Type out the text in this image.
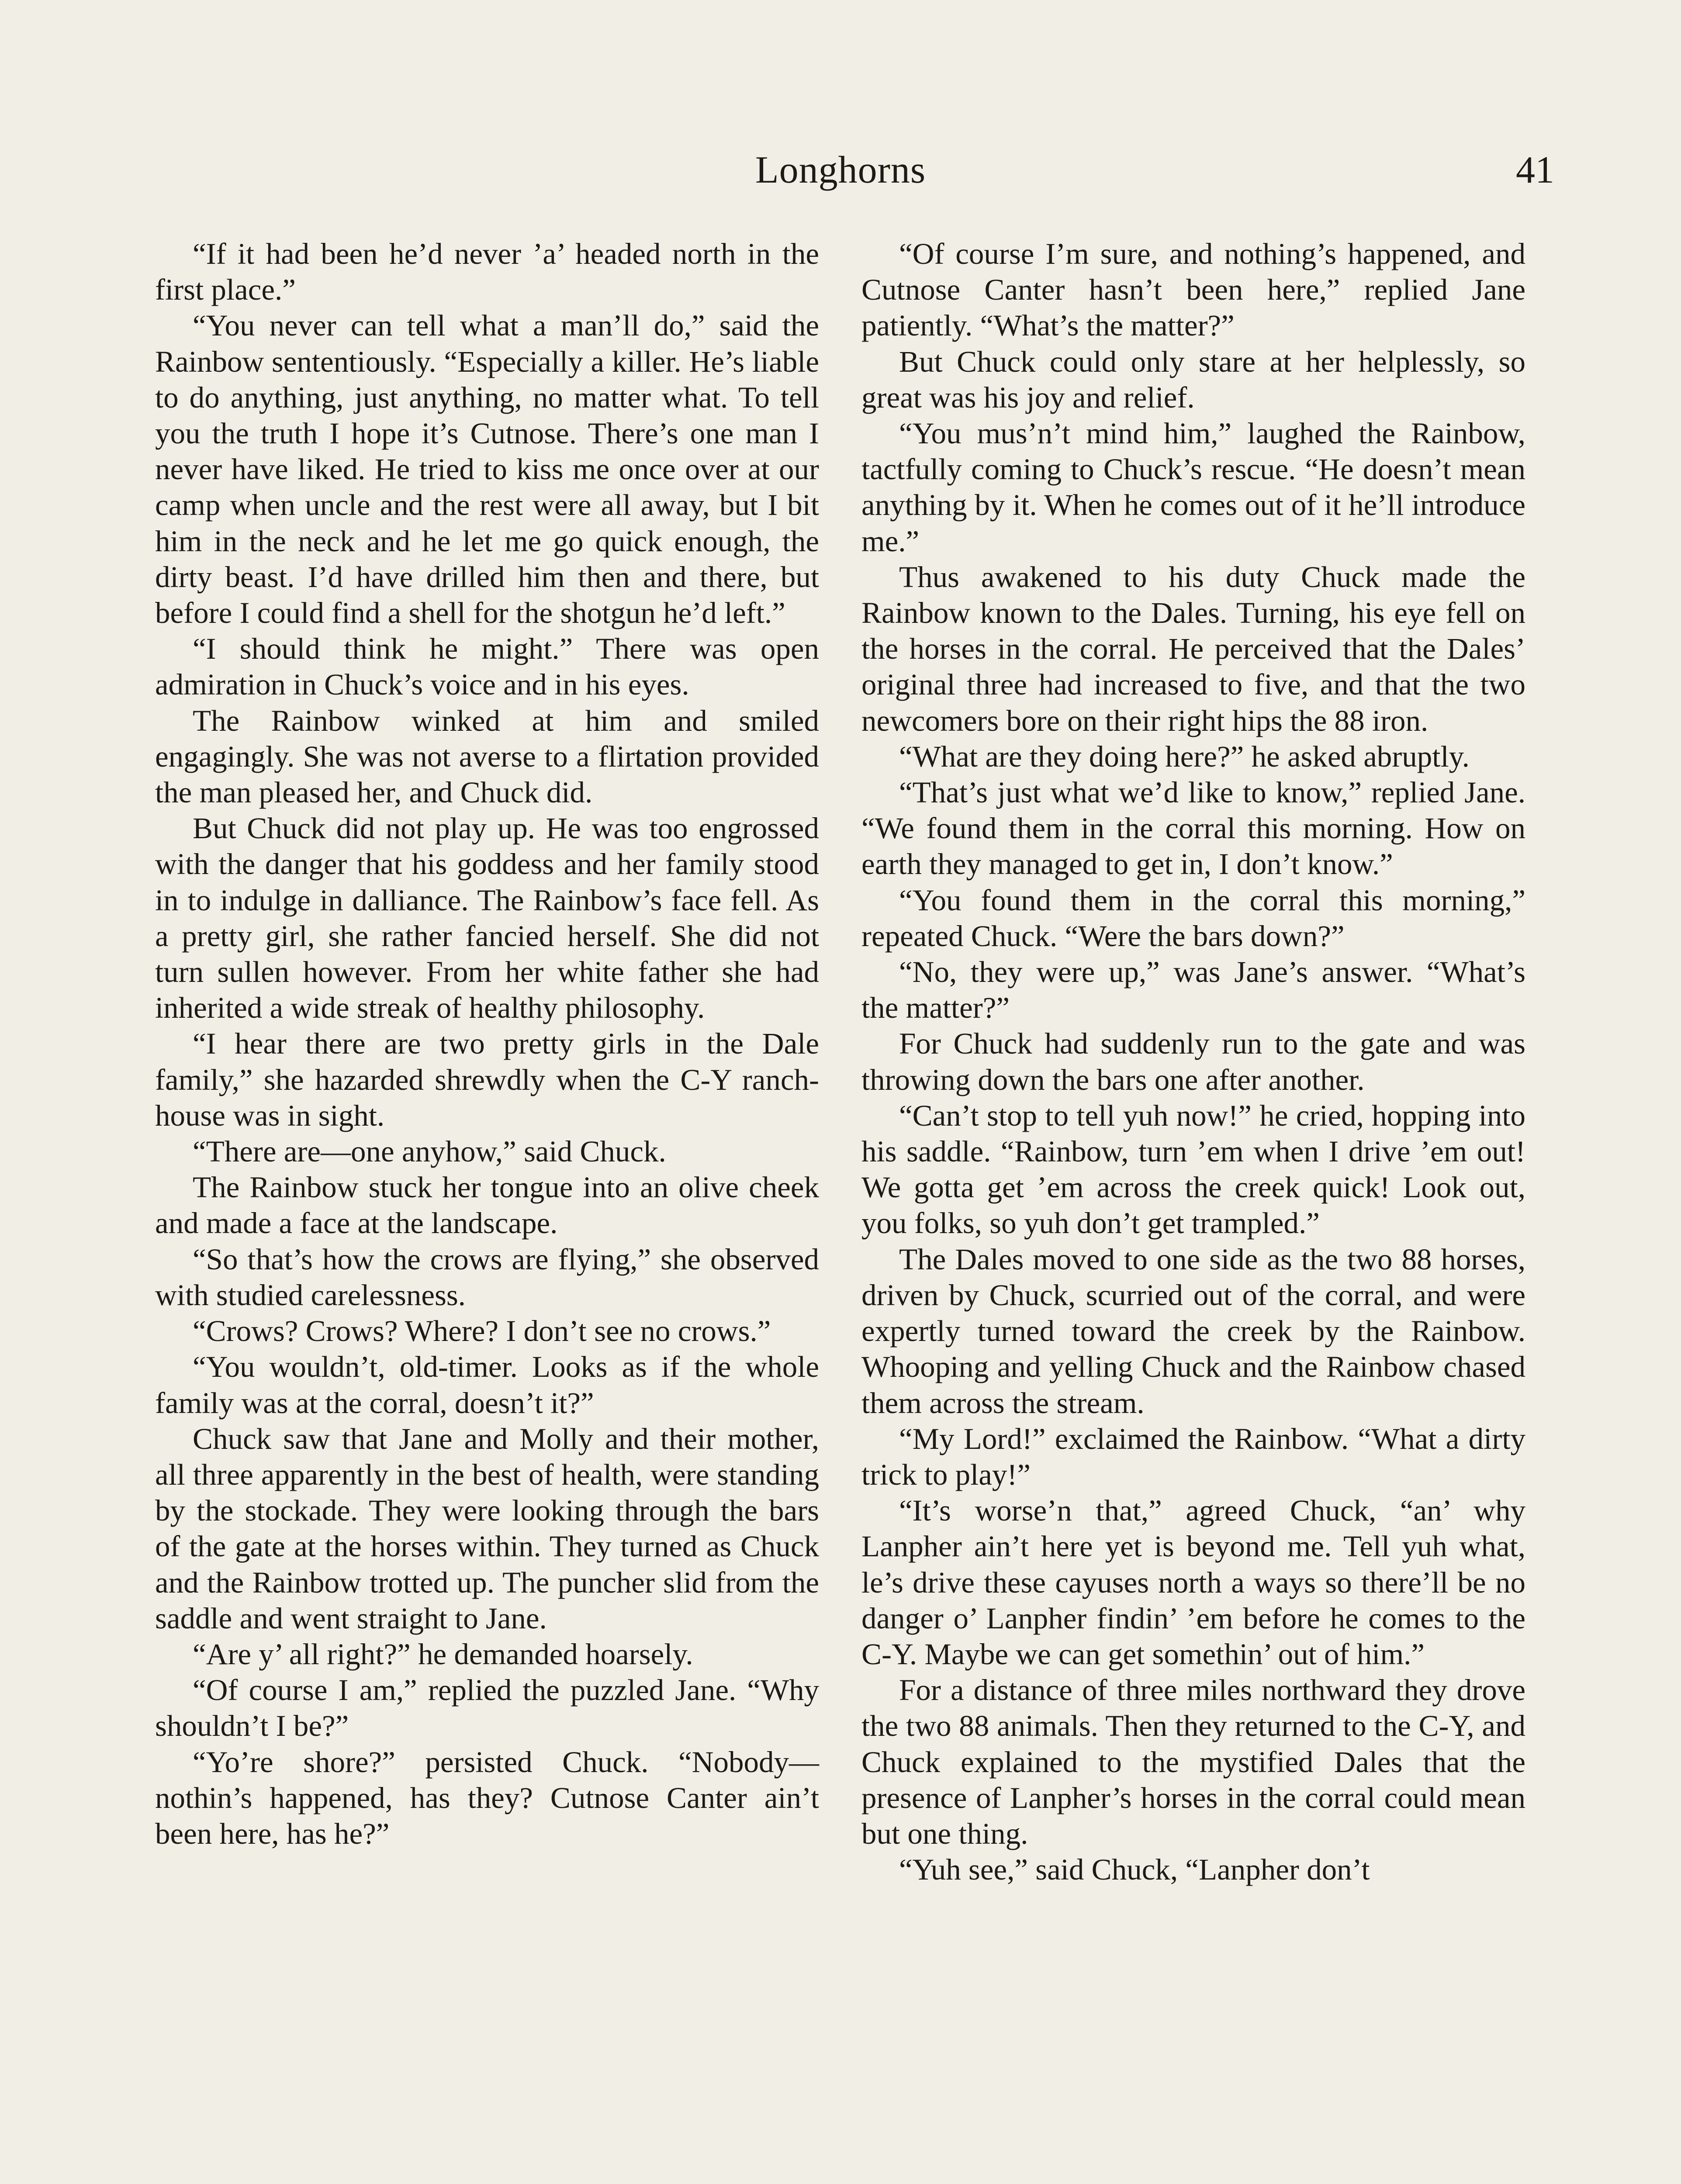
Longhorns	41

“If it had been he’d never ’a’ headed north in the first place.”

“You never can tell what a man’ll do,” said the Rainbow sententiously. “Especially a killer. He’s liable to do anything, just anything, no matter what. To tell you the truth I hope it’s Cutnose. There’s one man I never have liked. He tried to kiss me once over at our camp when uncle and the rest were all away, but I bit him in the neck and he let me go quick enough, the dirty beast. I’d have drilled him then and there, but before I could find a shell for the shotgun he’d left.”

“I should think he might.” There was open admiration in Chuck’s voice and in his eyes.

The Rainbow winked at him and smiled engagingly. She was not averse to a flirtation provided the man pleased her, and Chuck did.

But Chuck did not play up. He was too engrossed with the danger that his goddess and her family stood in to indulge in dalliance. The Rainbow’s face fell. As a pretty girl, she rather fancied herself. She did not turn sullen however. From her white father she had inherited a wide streak of healthy philosophy.

“I hear there are two pretty girls in the Dale family,” she hazarded shrewdly when the C-Y ranch-house was in sight.

“There are—one anyhow,” said Chuck.

The Rainbow stuck her tongue into an olive cheek and made a face at the landscape.

“So that’s how the crows are flying,” she observed with studied carelessness.

“Crows? Crows? Where? I don’t see no crows.”

“You wouldn’t, old-timer. Looks as if the whole family was at the corral, doesn’t it?”

Chuck saw that Jane and Molly and their mother, all three apparently in the best of health, were standing by the stockade. They were looking through the bars of the gate at the horses within. They turned as Chuck and the Rainbow trotted up. The puncher slid from the saddle and went straight to Jane.

“Are y’ all right?” he demanded hoarsely.

“Of course I am,” replied the puzzled Jane. “Why shouldn’t I be?”

“Yo’re shore?” persisted Chuck. “Nobody—nothin’s happened, has they? Cutnose Canter ain’t been here, has he?”

“Of course I’m sure, and nothing’s happened, and Cutnose Canter hasn’t been here,” replied Jane patiently. “What’s the matter?”

But Chuck could only stare at her helplessly, so great was his joy and relief.

“You mus’n’t mind him,” laughed the Rainbow, tactfully coming to Chuck’s rescue. “He doesn’t mean anything by it. When he comes out of it he’ll introduce me.”

Thus awakened to his duty Chuck made the Rainbow known to the Dales. Turning, his eye fell on the horses in the corral. He perceived that the Dales’ original three had increased to five, and that the two newcomers bore on their right hips the 88 iron.

“What are they doing here?” he asked abruptly.

“That’s just what we’d like to know,” replied Jane. “We found them in the corral this morning. How on earth they managed to get in, I don’t know.”

“You found them in the corral this morning,” repeated Chuck. “Were the bars down?”

“No, they were up,” was Jane’s answer. “What’s the matter?”

For Chuck had suddenly run to the gate and was throwing down the bars one after another.

“Can’t stop to tell yuh now!” he cried, hopping into his saddle. “Rainbow, turn ’em when I drive ’em out! We gotta get ’em across the creek quick! Look out, you folks, so yuh don’t get trampled.”

The Dales moved to one side as the two 88 horses, driven by Chuck, scurried out of the corral, and were expertly turned toward the creek by the Rainbow. Whooping and yelling Chuck and the Rainbow chased them across the stream.

“My Lord!” exclaimed the Rainbow. “What a dirty trick to play!”

“It’s worse’n that,” agreed Chuck, “an’ why Lanpher ain’t here yet is beyond me. Tell yuh what, le’s drive these cayuses north a ways so there’ll be no danger o’ Lanpher findin’ ’em before he comes to the C-Y. Maybe we can get somethin’ out of him.”

For a distance of three miles northward they drove the two 88 animals. Then they returned to the C-Y, and Chuck explained to the mystified Dales that the presence of Lanpher’s horses in the corral could mean but one thing.

“Yuh see,” said Chuck, “Lanpher don’t
